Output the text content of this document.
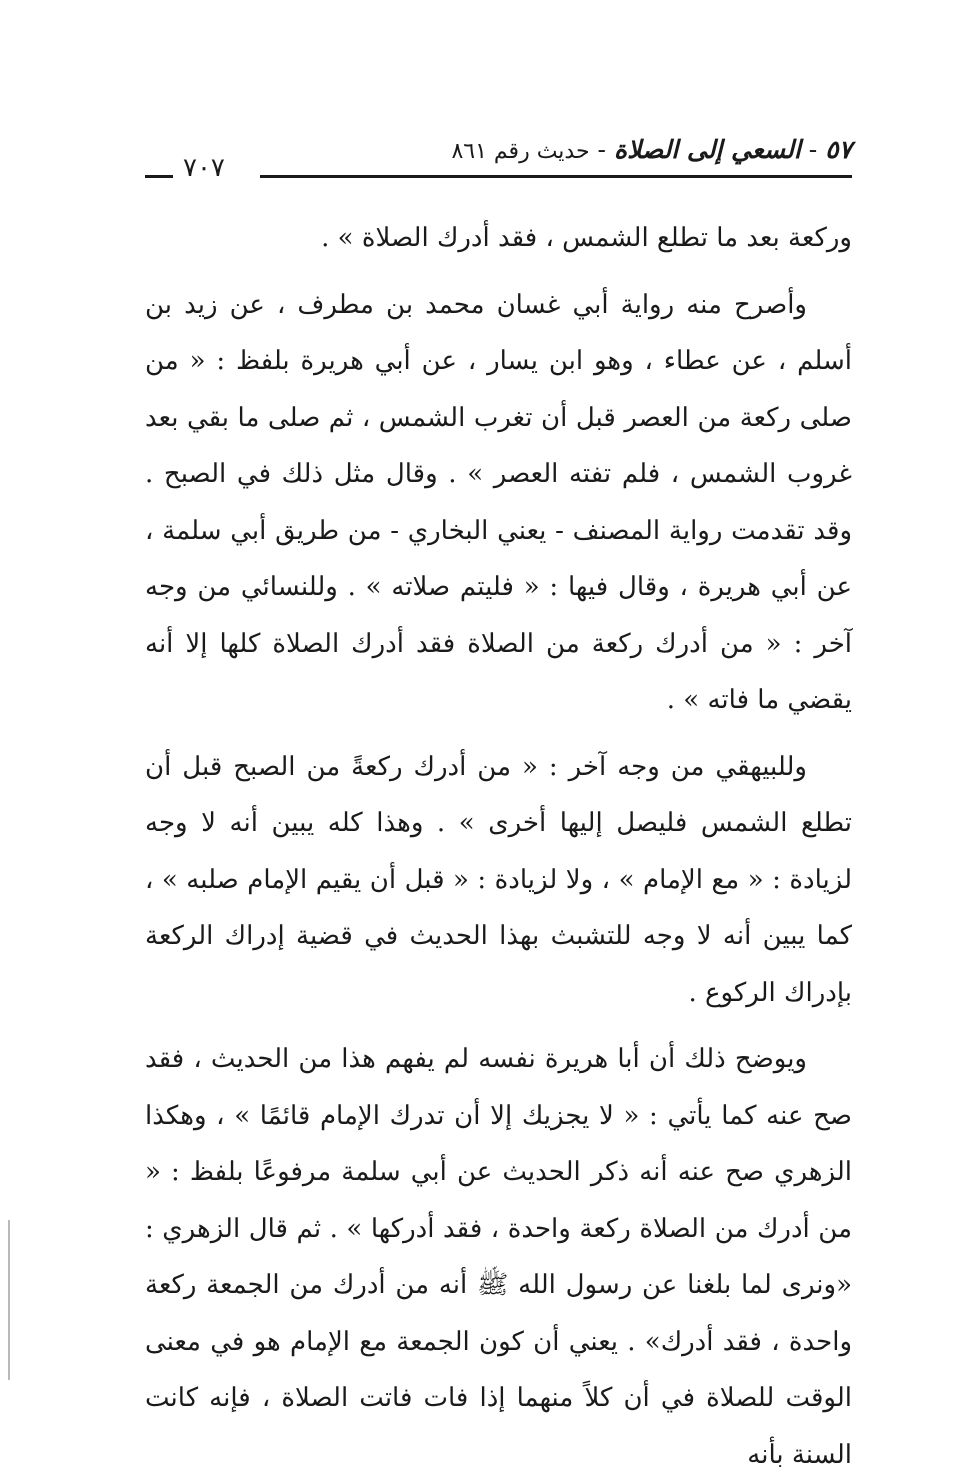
٥٧ - السعي إلى الصلاة - حديث رقم ٨٦١
٧٠٧

وركعة بعد ما تطلع الشمس ، فقد أدرك الصلاة » .

وأصرح منه رواية أبي غسان محمد بن مطرف ، عن زيد بن أسلم ، عن عطاء ، وهو ابن يسار ، عن أبي هريرة بلفظ : « من صلى ركعة من العصر قبل أن تغرب الشمس ، ثم صلى ما بقي بعد غروب الشمس ، فلم تفته العصر » . وقال مثل ذلك في الصبح . وقد تقدمت رواية المصنف - يعني البخاري - من طريق أبي سلمة ، عن أبي هريرة ، وقال فيها : « فليتم صلاته » . وللنسائي من وجه آخر : « من أدرك ركعة من الصلاة فقد أدرك الصلاة كلها إلا أنه يقضي ما فاته » .

وللبيهقي من وجه آخر : « من أدرك ركعةً من الصبح قبل أن تطلع الشمس فليصل إليها أخرى » . وهذا كله يبين أنه لا وجه لزيادة : « مع الإمام » ، ولا لزيادة : « قبل أن يقيم الإمام صلبه » ، كما يبين أنه لا وجه للتشبث بهذا الحديث في قضية إدراك الركعة بإدراك الركوع .

ويوضح ذلك أن أبا هريرة نفسه لم يفهم هذا من الحديث ، فقد صح عنه كما يأتي : « لا يجزيك إلا أن تدرك الإمام قائمًا » ، وهكذا الزهري صح عنه أنه ذكر الحديث عن أبي سلمة مرفوعًا بلفظ : « من أدرك من الصلاة ركعة واحدة ، فقد أدركها » . ثم قال الزهري : «ونرى لما بلغنا عن رسول الله ﷺ أنه من أدرك من الجمعة ركعة واحدة ، فقد أدرك» . يعني أن كون الجمعة مع الإمام هو في معنى الوقت للصلاة في أن كلاً منهما إذا فات فاتت الصلاة ، فإنه كانت السنة بأنه
